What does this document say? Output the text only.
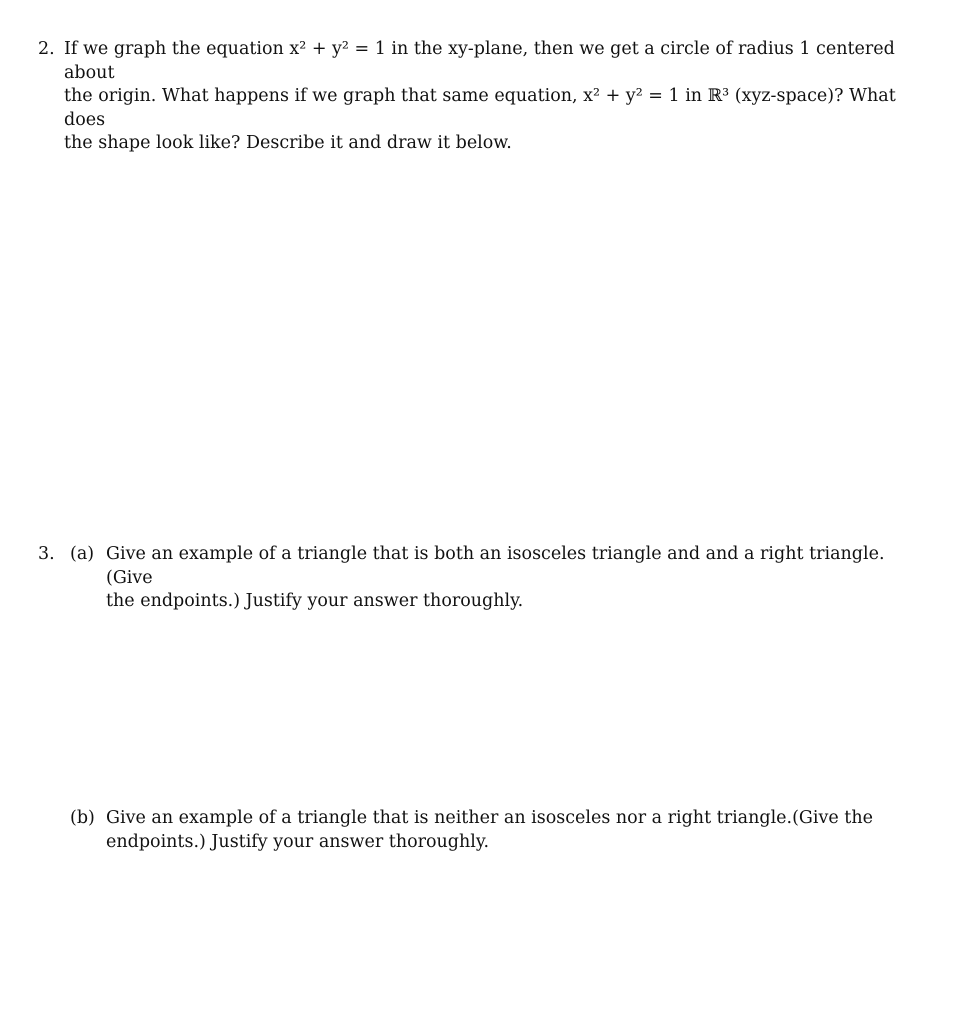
2. If we graph the equation x² + y² = 1 in the xy-plane, then we get a circle of radius 1 centered about
the origin. What happens if we graph that same equation, x² + y² = 1 in ℝ³ (xyz-space)? What does
the shape look like? Describe it and draw it below.
3. (a) Give an example of a triangle that is both an isosceles triangle and and a right triangle. (Give
the endpoints.) Justify your answer thoroughly.
(b) Give an example of a triangle that is neither an isosceles nor a right triangle.(Give the
endpoints.) Justify your answer thoroughly.
